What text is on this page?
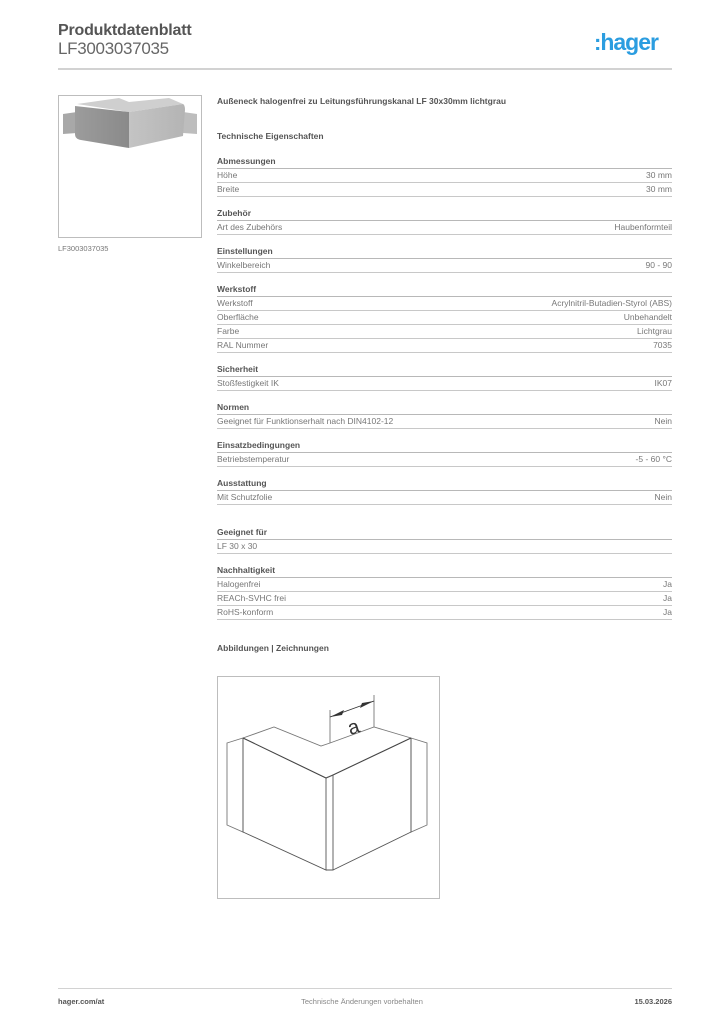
Produktdatenblatt
LF3003037035	:hager
LF3003037035
Außeneck halogenfrei zu Leitungsführungskanal LF 30x30mm lichtgrau
Technische Eigenschaften
Abmessungen
Höhe	30 mm
Breite	30 mm
Zubehör
Art des Zubehörs	Haubenformteil
Einstellungen
Winkelbereich	90 - 90
Werkstoff
Werkstoff	Acrylnitril-Butadien-Styrol (ABS)
Oberfläche	Unbehandelt
Farbe	Lichtgrau
RAL Nummer	7035
Sicherheit
Stoßfestigkeit IK	IK07
Normen
Geeignet für Funktionserhalt nach DIN4102-12	Nein
Einsatzbedingungen
Betriebstemperatur	-5 - 60 °C
Ausstattung
Mit Schutzfolie	Nein
Geeignet für
LF 30 x 30
Nachhaltigkeit
Halogenfrei	Ja
REACh-SVHC frei	Ja
RoHS-konform	Ja
Abbildungen | Zeichnungen
a
hager.com/at	Technische Änderungen vorbehalten	15.03.2026
